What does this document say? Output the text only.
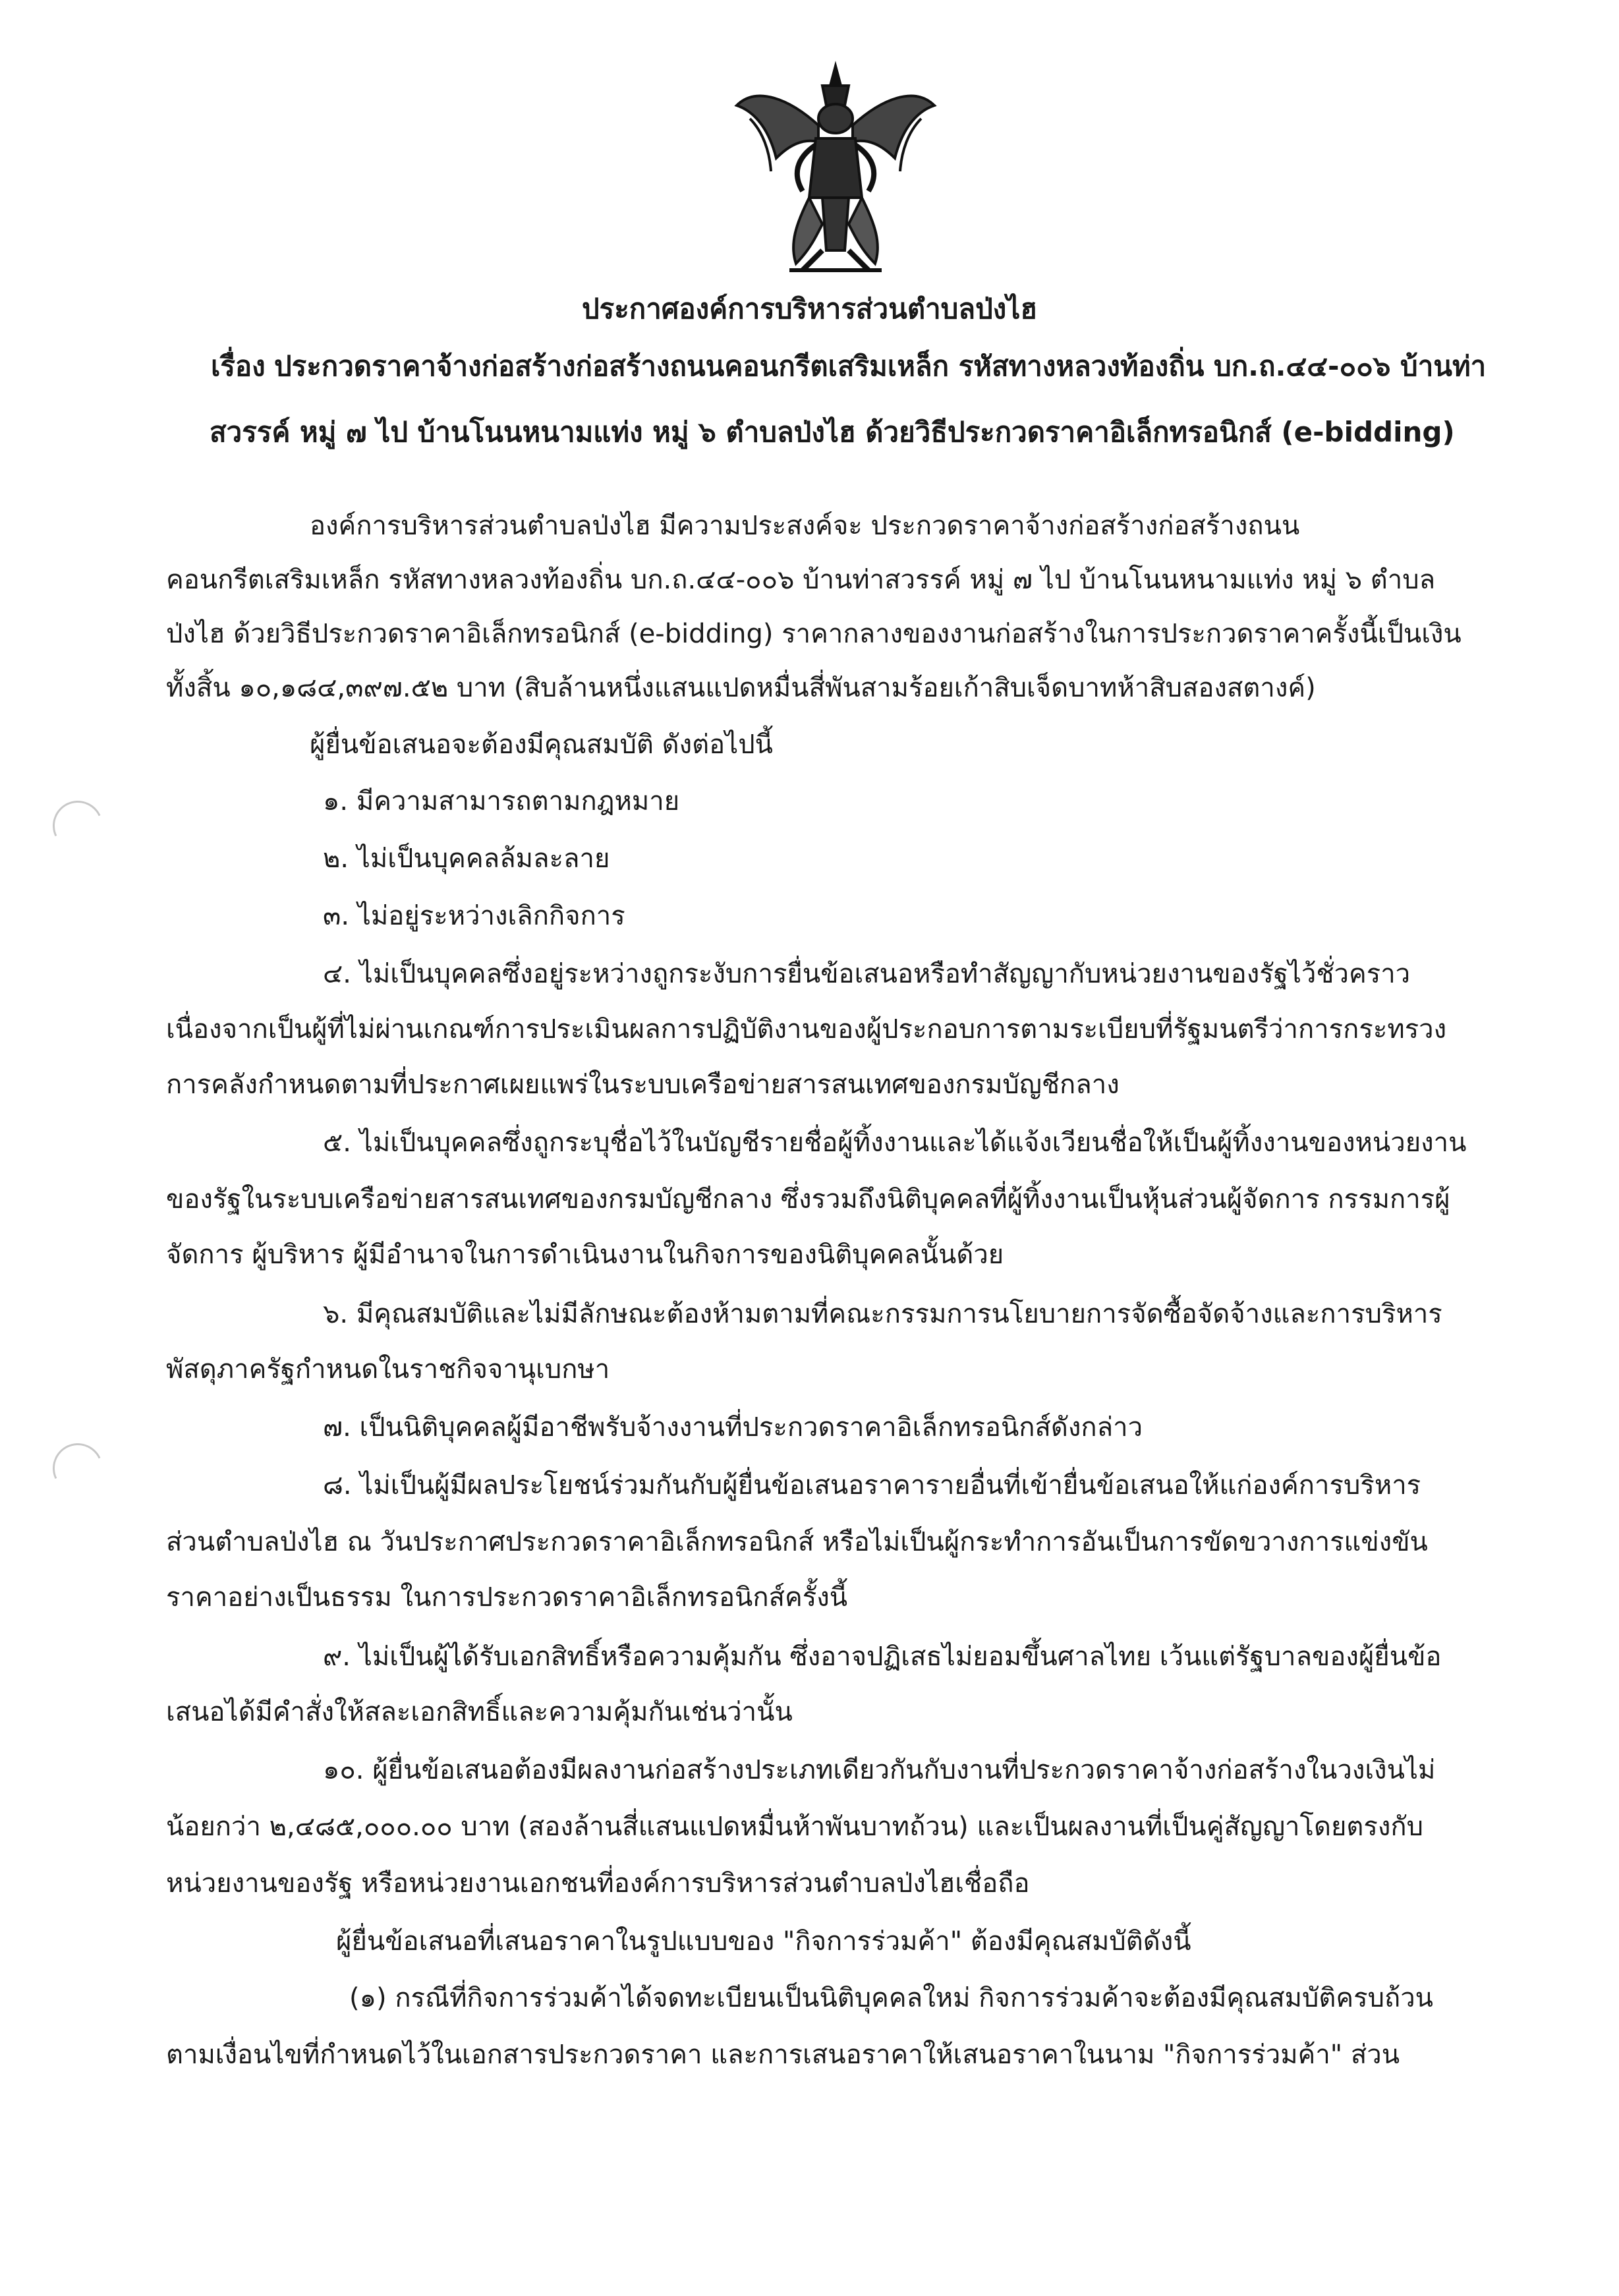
ประกาศองค์การบริหารส่วนตำบลป่งไฮ
เรื่อง ประกวดราคาจ้างก่อสร้างก่อสร้างถนนคอนกรีตเสริมเหล็ก รหัสทางหลวงท้องถิ่น บก.ถ.๔๔-๐๐๖ บ้านท่า
สวรรค์ หมู่ ๗ ไป บ้านโนนหนามแท่ง หมู่ ๖ ตำบลป่งไฮ ด้วยวิธีประกวดราคาอิเล็กทรอนิกส์ (e-bidding)
องค์การบริหารส่วนตำบลป่งไฮ มีความประสงค์จะ ประกวดราคาจ้างก่อสร้างก่อสร้างถนน
คอนกรีตเสริมเหล็ก รหัสทางหลวงท้องถิ่น บก.ถ.๔๔-๐๐๖ บ้านท่าสวรรค์ หมู่ ๗ ไป บ้านโนนหนามแท่ง หมู่ ๖ ตำบล
ป่งไฮ ด้วยวิธีประกวดราคาอิเล็กทรอนิกส์ (e-bidding) ราคากลางของงานก่อสร้างในการประกวดราคาครั้งนี้เป็นเงิน
ทั้งสิ้น ๑๐,๑๘๔,๓๙๗.๕๒ บาท (สิบล้านหนึ่งแสนแปดหมื่นสี่พันสามร้อยเก้าสิบเจ็ดบาทห้าสิบสองสตางค์)
ผู้ยื่นข้อเสนอจะต้องมีคุณสมบัติ ดังต่อไปนี้
๑. มีความสามารถตามกฎหมาย
๒. ไม่เป็นบุคคลล้มละลาย
๓. ไม่อยู่ระหว่างเลิกกิจการ
๔. ไม่เป็นบุคคลซึ่งอยู่ระหว่างถูกระงับการยื่นข้อเสนอหรือทำสัญญากับหน่วยงานของรัฐไว้ชั่วคราว
เนื่องจากเป็นผู้ที่ไม่ผ่านเกณฑ์การประเมินผลการปฏิบัติงานของผู้ประกอบการตามระเบียบที่รัฐมนตรีว่าการกระทรวง
การคลังกำหนดตามที่ประกาศเผยแพร่ในระบบเครือข่ายสารสนเทศของกรมบัญชีกลาง
๕. ไม่เป็นบุคคลซึ่งถูกระบุชื่อไว้ในบัญชีรายชื่อผู้ทิ้งงานและได้แจ้งเวียนชื่อให้เป็นผู้ทิ้งงานของหน่วยงาน
ของรัฐในระบบเครือข่ายสารสนเทศของกรมบัญชีกลาง ซึ่งรวมถึงนิติบุคคลที่ผู้ทิ้งงานเป็นหุ้นส่วนผู้จัดการ กรรมการผู้
จัดการ ผู้บริหาร ผู้มีอำนาจในการดำเนินงานในกิจการของนิติบุคคลนั้นด้วย
๖. มีคุณสมบัติและไม่มีลักษณะต้องห้ามตามที่คณะกรรมการนโยบายการจัดซื้อจัดจ้างและการบริหาร
พัสดุภาครัฐกำหนดในราชกิจจานุเบกษา
๗. เป็นนิติบุคคลผู้มีอาชีพรับจ้างงานที่ประกวดราคาอิเล็กทรอนิกส์ดังกล่าว
๘. ไม่เป็นผู้มีผลประโยชน์ร่วมกันกับผู้ยื่นข้อเสนอราคารายอื่นที่เข้ายื่นข้อเสนอให้แก่องค์การบริหาร
ส่วนตำบลป่งไฮ ณ วันประกาศประกวดราคาอิเล็กทรอนิกส์ หรือไม่เป็นผู้กระทำการอันเป็นการขัดขวางการแข่งขัน
ราคาอย่างเป็นธรรม ในการประกวดราคาอิเล็กทรอนิกส์ครั้งนี้
๙. ไม่เป็นผู้ได้รับเอกสิทธิ์หรือความคุ้มกัน ซึ่งอาจปฏิเสธไม่ยอมขึ้นศาลไทย เว้นแต่รัฐบาลของผู้ยื่นข้อ
เสนอได้มีคำสั่งให้สละเอกสิทธิ์และความคุ้มกันเช่นว่านั้น
๑๐. ผู้ยื่นข้อเสนอต้องมีผลงานก่อสร้างประเภทเดียวกันกับงานที่ประกวดราคาจ้างก่อสร้างในวงเงินไม่
น้อยกว่า ๒,๔๘๕,๐๐๐.๐๐ บาท (สองล้านสี่แสนแปดหมื่นห้าพันบาทถ้วน) และเป็นผลงานที่เป็นคู่สัญญาโดยตรงกับ
หน่วยงานของรัฐ หรือหน่วยงานเอกชนที่องค์การบริหารส่วนตำบลป่งไฮเชื่อถือ
ผู้ยื่นข้อเสนอที่เสนอราคาในรูปแบบของ "กิจการร่วมค้า" ต้องมีคุณสมบัติดังนี้
(๑) กรณีที่กิจการร่วมค้าได้จดทะเบียนเป็นนิติบุคคลใหม่ กิจการร่วมค้าจะต้องมีคุณสมบัติครบถ้วน
ตามเงื่อนไขที่กำหนดไว้ในเอกสารประกวดราคา และการเสนอราคาให้เสนอราคาในนาม "กิจการร่วมค้า" ส่วน
